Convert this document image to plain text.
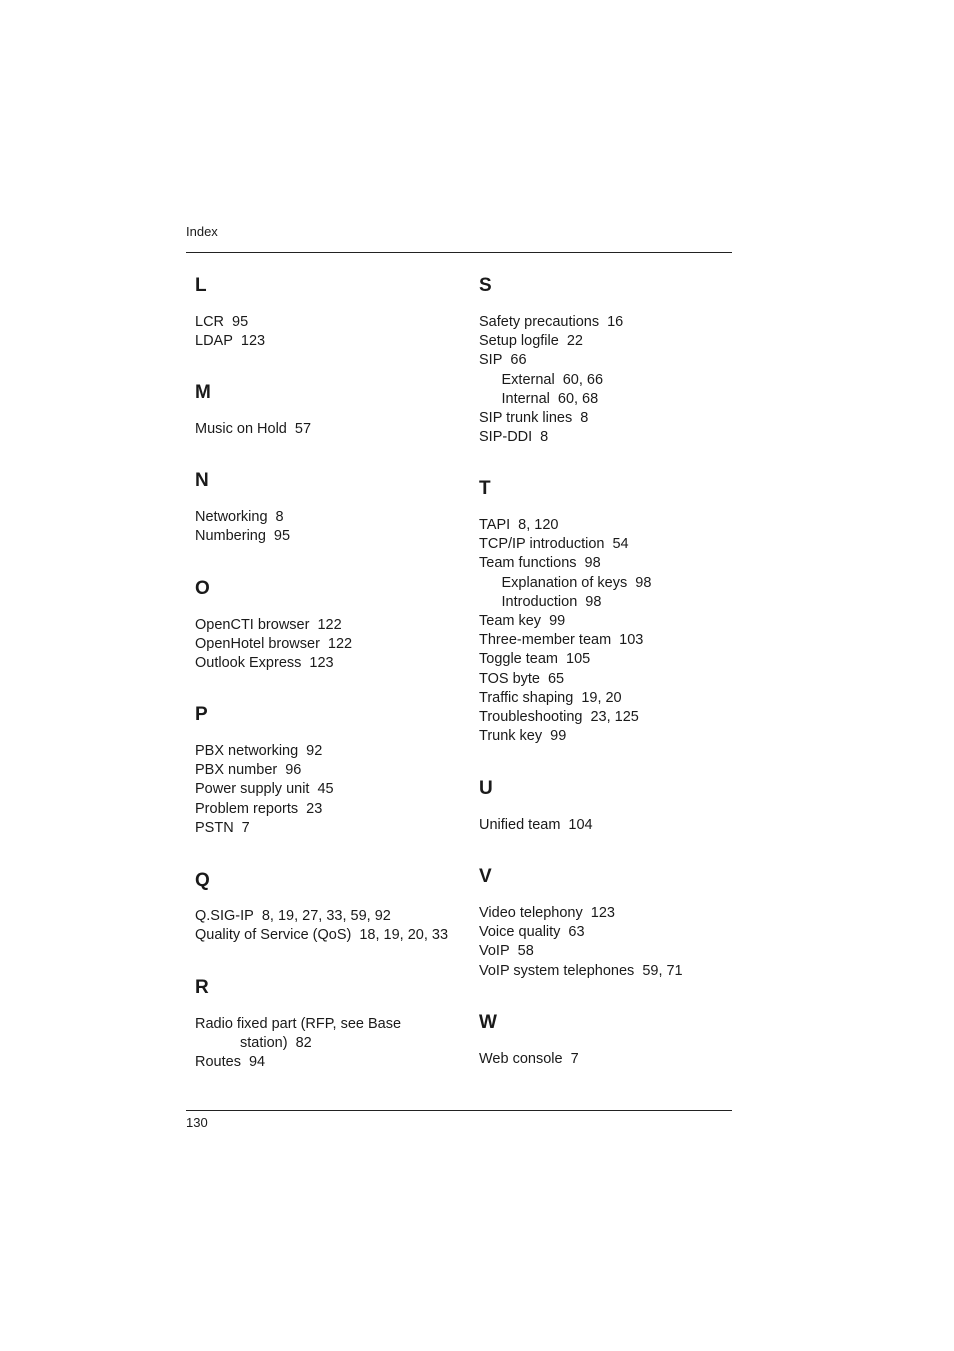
Index
L
LCR 95
LDAP 123
M
Music on Hold 57
N
Networking 8
Numbering 95
O
OpenCTI browser 122
OpenHotel browser 122
Outlook Express 123
P
PBX networking 92
PBX number 96
Power supply unit 45
Problem reports 23
PSTN 7
Q
Q.SIG-IP 8, 19, 27, 33, 59, 92
Quality of Service (QoS) 18, 19, 20, 33
R
Radio fixed part (RFP, see Base
station) 82
Routes 94
S
Safety precautions 16
Setup logfile 22
SIP 66
External 60, 66
Internal 60, 68
SIP trunk lines 8
SIP-DDI 8
T
TAPI 8, 120
TCP/IP introduction 54
Team functions 98
Explanation of keys 98
Introduction 98
Team key 99
Three-member team 103
Toggle team 105
TOS byte 65
Traffic shaping 19, 20
Troubleshooting 23, 125
Trunk key 99
U
Unified team 104
V
Video telephony 123
Voice quality 63
VoIP 58
VoIP system telephones 59, 71
W
Web console 7
130
